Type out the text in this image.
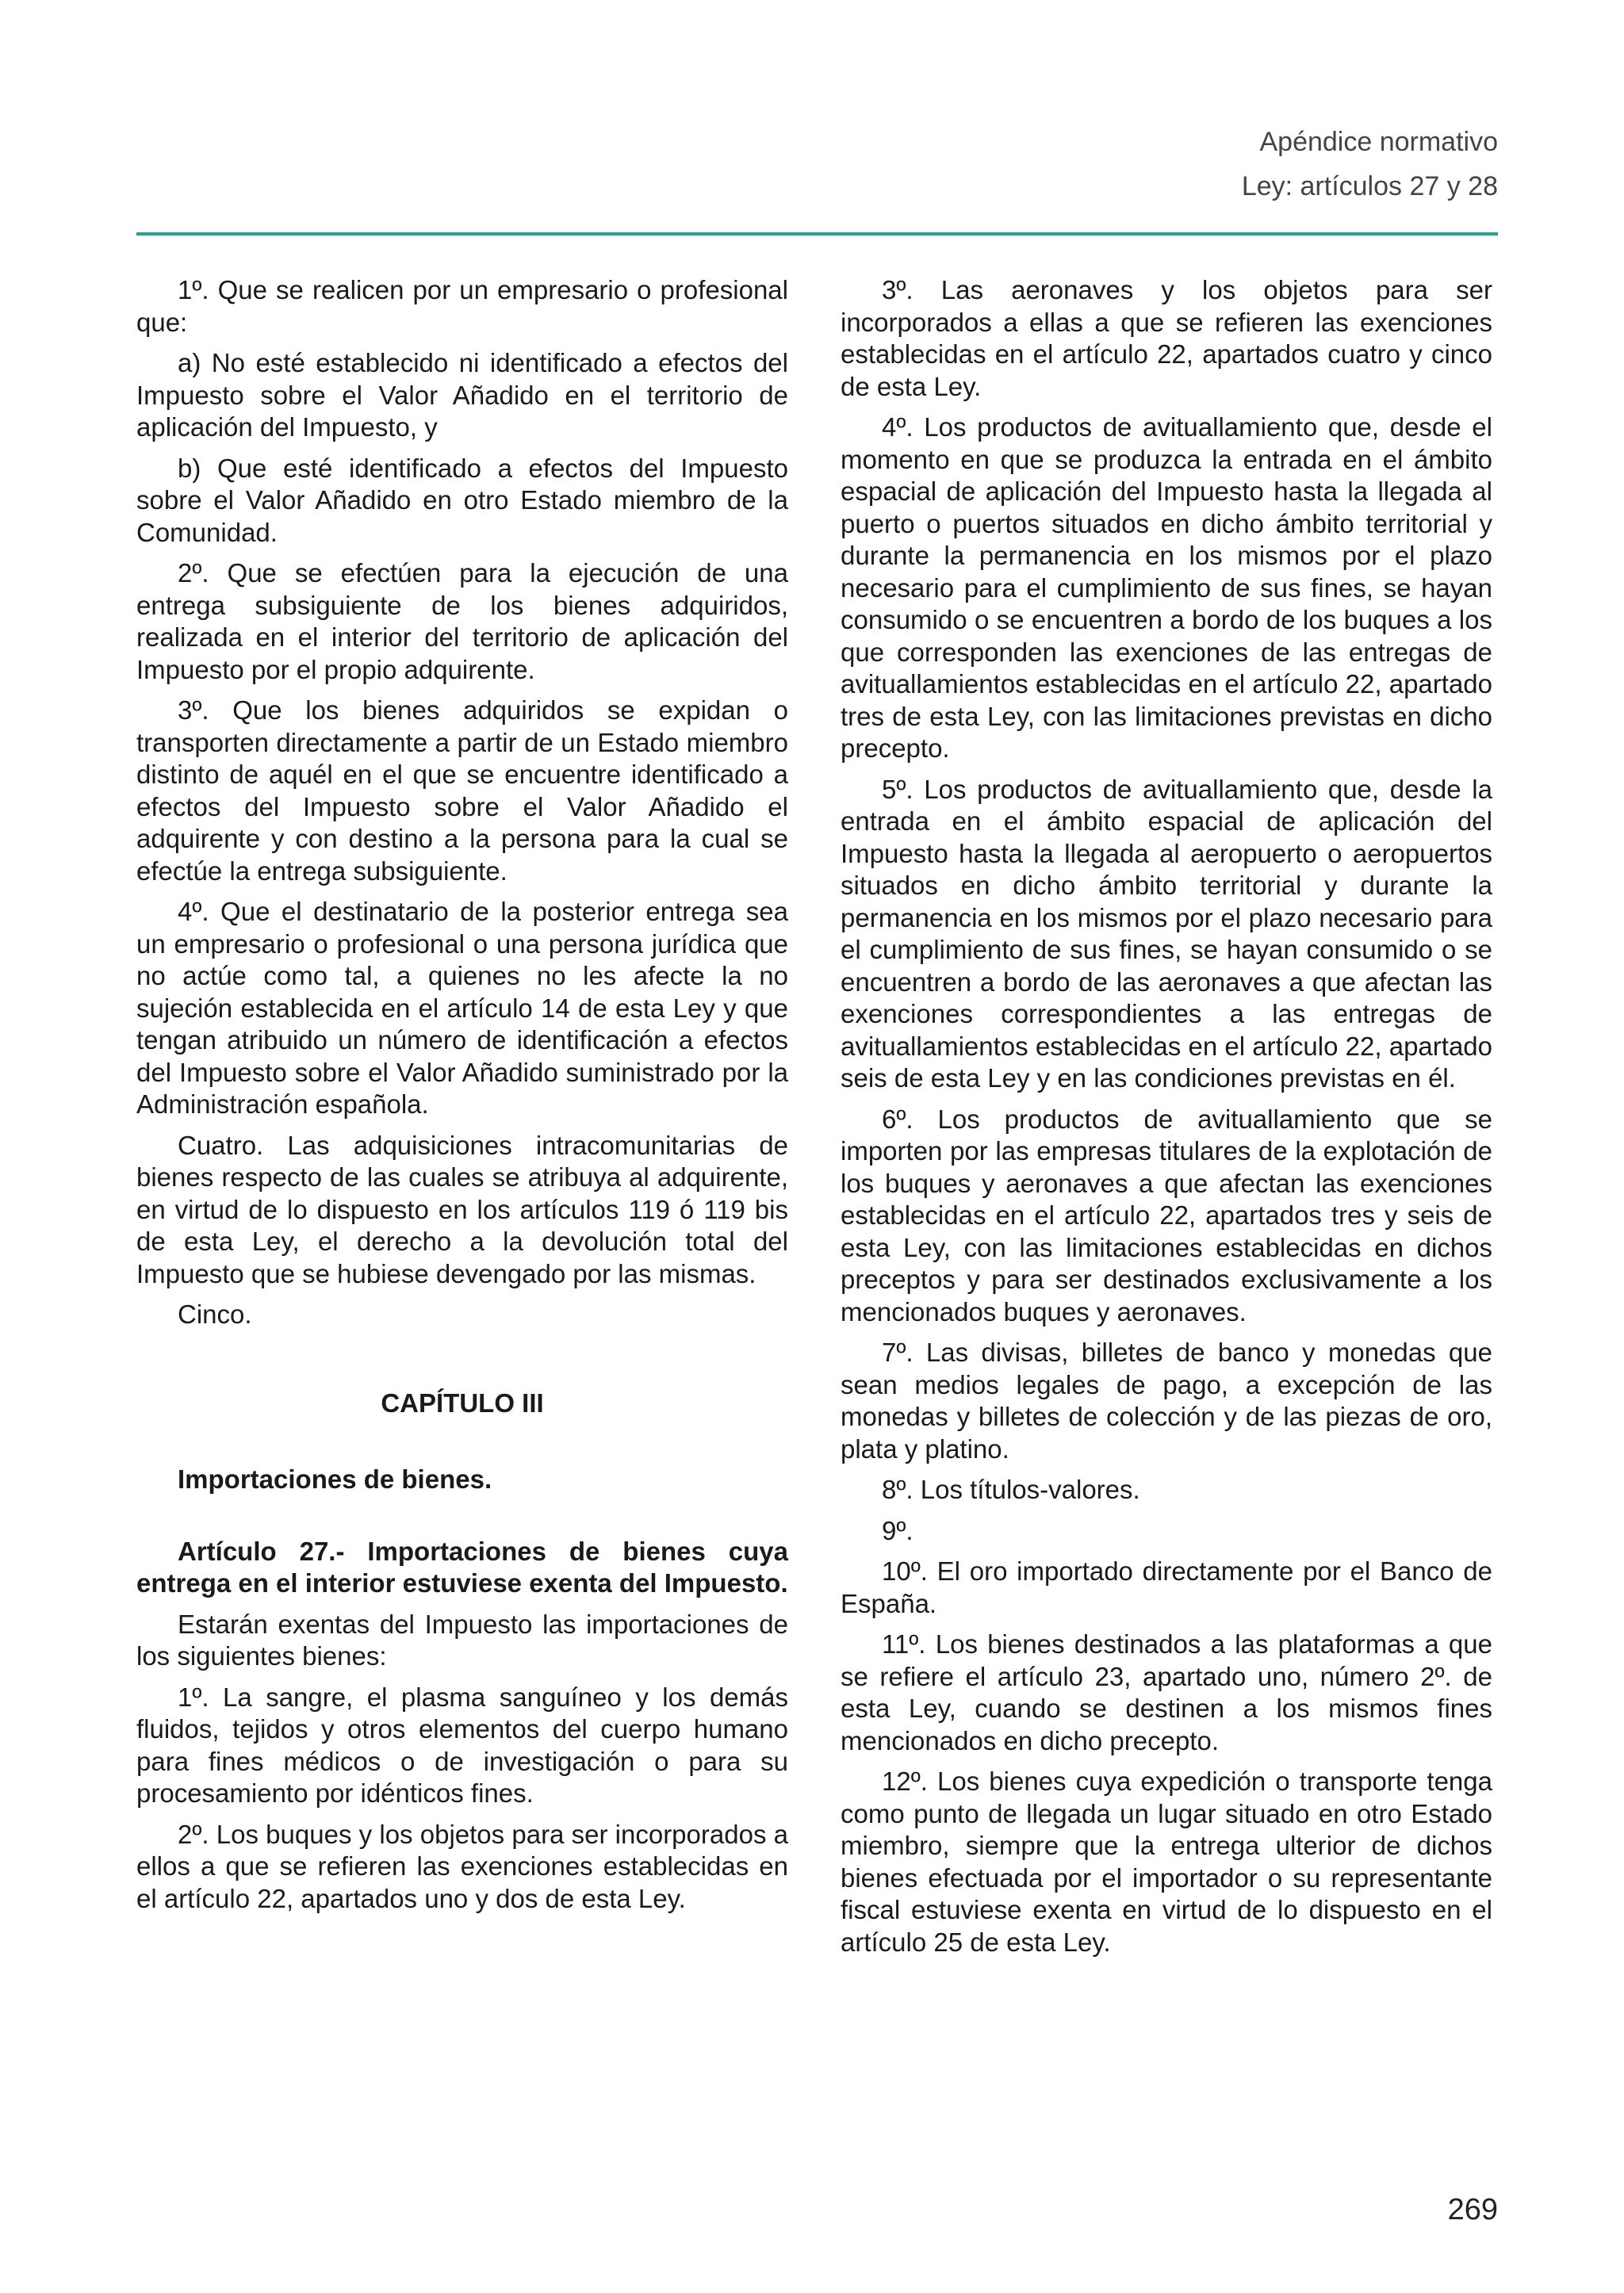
Apéndice normativo
Ley: artículos 27 y 28

1º. Que se realicen por un empresario o profesional que:

a) No esté establecido ni identificado a efectos del Impuesto sobre el Valor Añadido en el territorio de aplicación del Impuesto, y

b) Que esté identificado a efectos del Impuesto sobre el Valor Añadido en otro Estado miembro de la Comunidad.

2º. Que se efectúen para la ejecución de una entrega subsiguiente de los bienes adquiridos, realizada en el interior del territorio de aplicación del Impuesto por el propio adquirente.

3º. Que los bienes adquiridos se expidan o transporten directamente a partir de un Estado miembro distinto de aquél en el que se encuentre identificado a efectos del Impuesto sobre el Valor Añadido el adquirente y con destino a la persona para la cual se efectúe la entrega subsiguiente.

4º. Que el destinatario de la posterior entrega sea un empresario o profesional o una persona jurídica que no actúe como tal, a quienes no les afecte la no sujeción establecida en el artículo 14 de esta Ley y que tengan atribuido un número de identificación a efectos del Impuesto sobre el Valor Añadido suministrado por la Administración española.

Cuatro. Las adquisiciones intracomunitarias de bienes respecto de las cuales se atribuya al adquirente, en virtud de lo dispuesto en los artículos 119 ó 119 bis de esta Ley, el derecho a la devolución total del Impuesto que se hubiese devengado por las mismas.

Cinco.

CAPÍTULO III

Importaciones de bienes.

Artículo 27.- Importaciones de bienes cuya entrega en el interior estuviese exenta del Impuesto.

Estarán exentas del Impuesto las importaciones de los siguientes bienes:

1º. La sangre, el plasma sanguíneo y los demás fluidos, tejidos y otros elementos del cuerpo humano para fines médicos o de investigación o para su procesamiento por idénticos fines.

2º. Los buques y los objetos para ser incorporados a ellos a que se refieren las exenciones establecidas en el artículo 22, apartados uno y dos de esta Ley.

3º. Las aeronaves y los objetos para ser incorporados a ellas a que se refieren las exenciones establecidas en el artículo 22, apartados cuatro y cinco de esta Ley.

4º. Los productos de avituallamiento que, desde el momento en que se produzca la entrada en el ámbito espacial de aplicación del Impuesto hasta la llegada al puerto o puertos situados en dicho ámbito territorial y durante la permanencia en los mismos por el plazo necesario para el cumplimiento de sus fines, se hayan consumido o se encuentren a bordo de los buques a los que corresponden las exenciones de las entregas de avituallamientos establecidas en el artículo 22, apartado tres de esta Ley, con las limitaciones previstas en dicho precepto.

5º. Los productos de avituallamiento que, desde la entrada en el ámbito espacial de aplicación del Impuesto hasta la llegada al aeropuerto o aeropuertos situados en dicho ámbito territorial y durante la permanencia en los mismos por el plazo necesario para el cumplimiento de sus fines, se hayan consumido o se encuentren a bordo de las aeronaves a que afectan las exenciones correspondientes a las entregas de avituallamientos establecidas en el artículo 22, apartado seis de esta Ley y en las condiciones previstas en él.

6º. Los productos de avituallamiento que se importen por las empresas titulares de la explotación de los buques y aeronaves a que afectan las exenciones establecidas en el artículo 22, apartados tres y seis de esta Ley, con las limitaciones establecidas en dichos preceptos y para ser destinados exclusivamente a los mencionados buques y aeronaves.

7º. Las divisas, billetes de banco y monedas que sean medios legales de pago, a excepción de las monedas y billetes de colección y de las piezas de oro, plata y platino.

8º. Los títulos-valores.

9º.

10º. El oro importado directamente por el Banco de España.

11º. Los bienes destinados a las plataformas a que se refiere el artículo 23, apartado uno, número 2º. de esta Ley, cuando se destinen a los mismos fines mencionados en dicho precepto.

12º. Los bienes cuya expedición o transporte tenga como punto de llegada un lugar situado en otro Estado miembro, siempre que la entrega ulterior de dichos bienes efectuada por el importador o su representante fiscal estuviese exenta en virtud de lo dispuesto en el artículo 25 de esta Ley.

269
